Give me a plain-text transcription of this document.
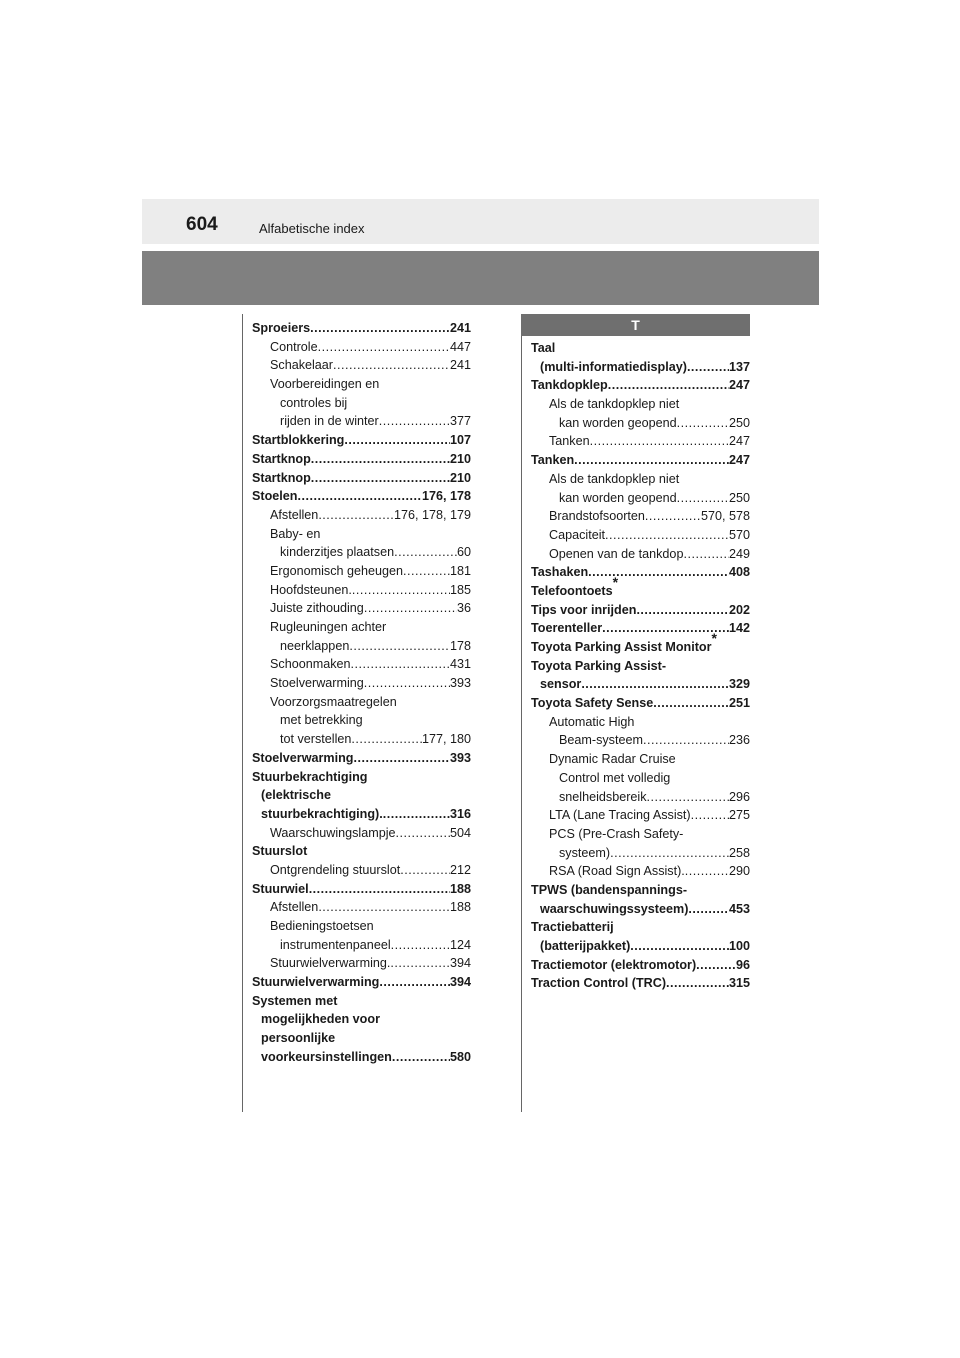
604	Alfabetische index
T
Sproeiers .....	241
Controle .....	447
Schakelaar .....	241
Voorbereidingen en
controles bij
rijden in de winter .....	377
Startblokkering .....	107
Startknop .....	210
Startknop .....	210
Stoelen .....	176, 178
Afstellen .....	176, 178, 179
Baby- en
kinderzitjes plaatsen .....	60
Ergonomisch geheugen .....	181
Hoofdsteunen. .....	185
Juiste zithouding .....	36
Rugleuningen achter
neerklappen .....	178
Schoonmaken .....	431
Stoelverwarming .....	393
Voorzorgsmaatregelen
met betrekking
tot verstellen .....	177, 180
Stoelverwarming .....	393
Stuurbekrachtiging
(elektrische
stuurbekrachtiging). .....	316
Waarschuwingslampje .....	504
Stuurslot
Ontgrendeling stuurslot .....	212
Stuurwiel .....	188
Afstellen .....	188
Bedieningstoetsen
instrumentenpaneel .....	124
Stuurwielverwarming. .....	394
Stuurwielverwarming .....	394
Systemen met
mogelijkheden voor
persoonlijke
voorkeursinstellingen .....	580
Taal
(multi-informatiedisplay) .....	137
Tankdopklep .....	247
Als de tankdopklep niet
kan worden geopend .....	250
Tanken .....	247
Tanken .....	247
Als de tankdopklep niet
kan worden geopend .....	250
Brandstofsoorten .....	570, 578
Capaciteit .....	570
Openen van de tankdop .....	249
Tashaken .....	408
Telefoontoets
*
Tips voor inrijden .....	202
Toerenteller .....	142
Toyota Parking Assist Monitor
*
Toyota Parking Assist-
sensor .....	329
Toyota Safety Sense .....	251
Automatic High
Beam-systeem .....	236
Dynamic Radar Cruise
Control met volledig
snelheidsbereik .....	296
LTA (Lane Tracing Assist) .....	275
PCS (Pre-Crash Safety-
systeem) .....	258
RSA (Road Sign Assist). .....	290
TPWS (bandenspannings-
waarschuwingssysteem) .....	453
Tractiebatterij
(batterijpakket) .....	100
Tractiemotor (elektromotor) .....	96
Traction Control (TRC) .....	315
